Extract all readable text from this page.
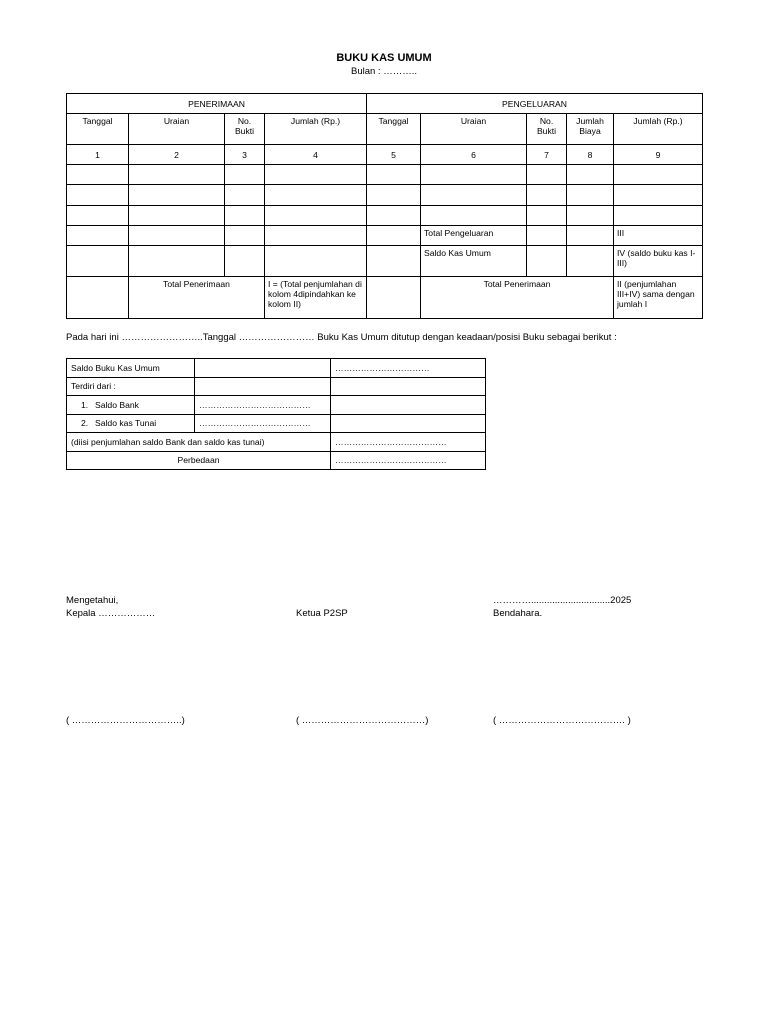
BUKU KAS UMUM
Bulan : ………..
PENERIMAAN				PENGELUARAN				
Tanggal	Uraian	No. Bukti	Jumlah (Rp.)	Tanggal	Uraian	No. Bukti	Jumlah Biaya	Jumlah (Rp.)
1	2	3	4	5	6	7	8	9

					Total Pengeluaran			III
					Saldo Kas Umum			IV (saldo buku kas I-III)
	Total Penerimaan		I = (Total penjumlahan di kolom 4dipindahkan ke kolom II)		Total Penerimaan			II (penjumlahan III+IV) sama dengan jumlah I
Pada hari ini ……………………..Tanggal …………………… Buku Kas Umum ditutup dengan keadaan/posisi Buku sebagai berikut :
Saldo Buku Kas Umum		……………………………
Terdiri dari :		
1. Saldo Bank	…………………………………	
2. Saldo kas Tunai	…………………………………	
(diisi penjumlahan saldo Bank dan saldo kas tunai)		…………………………………
Perbedaan		…………………………………
Mengetahui,
Kepala ………………	Ketua P2SP
…………..............................2025
Bendahara.
( ……………………………..)	( …………………………………)	( …………………………………. )
